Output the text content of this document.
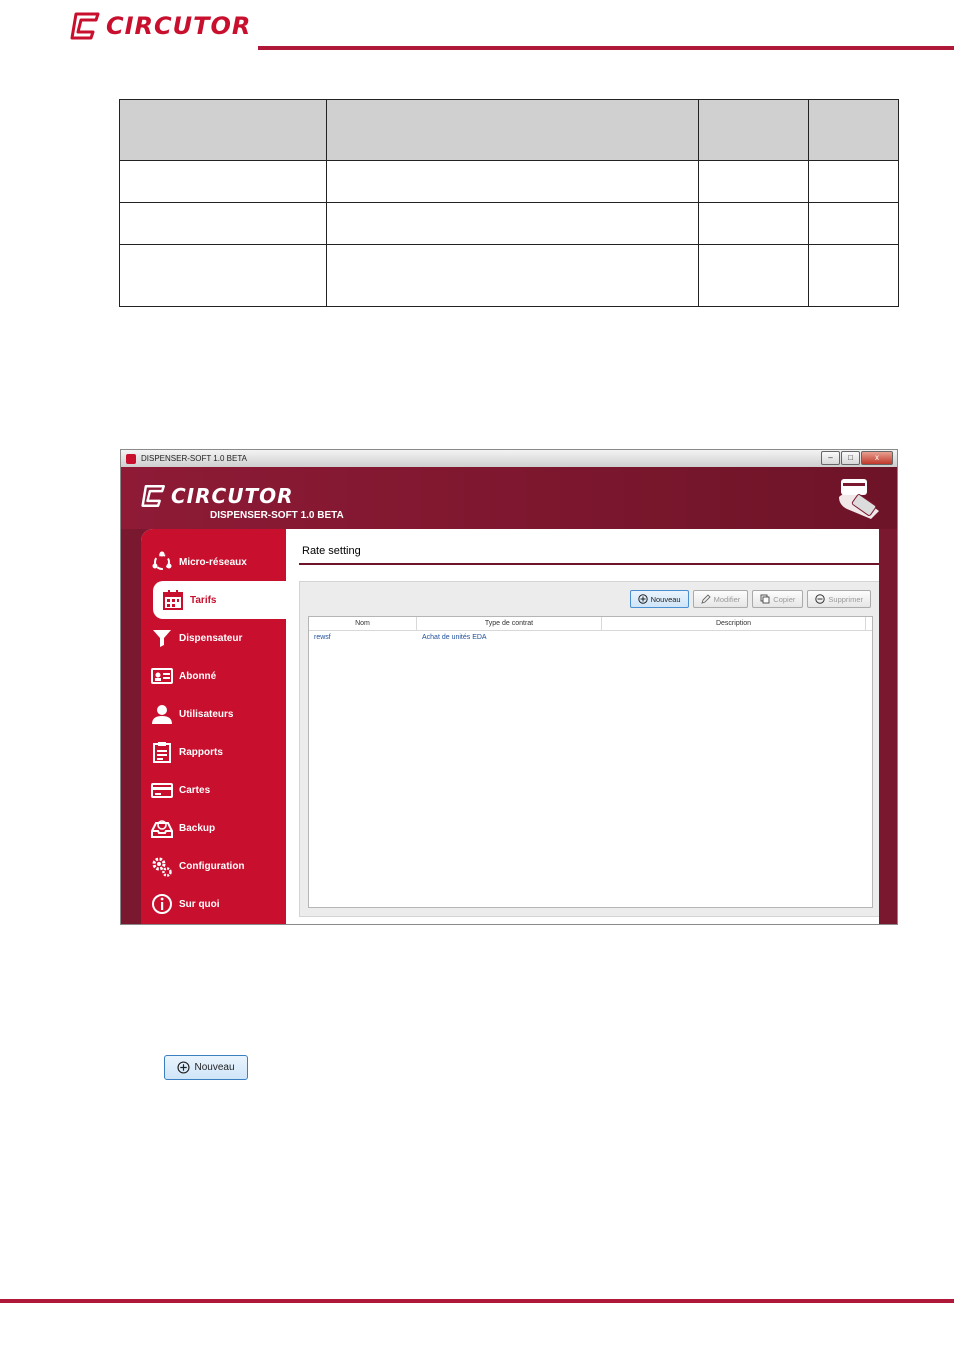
CIRCUTOR

DISPENSER-SOFT 1.0 BETA	–	□	x
CIRCUTOR
DISPENSER-SOFT 1.0 BETA
Micro-réseaux
Tarifs
Dispensateur
Abonné
Utilisateurs
Rapports
Cartes
Backup
Configuration
Sur quoi
Rate setting
Nouveau	Modifier	Copier	Supprimer
Nom	Type de contrat	Description
rewsf	Achat de unités EDA
Nouveau
